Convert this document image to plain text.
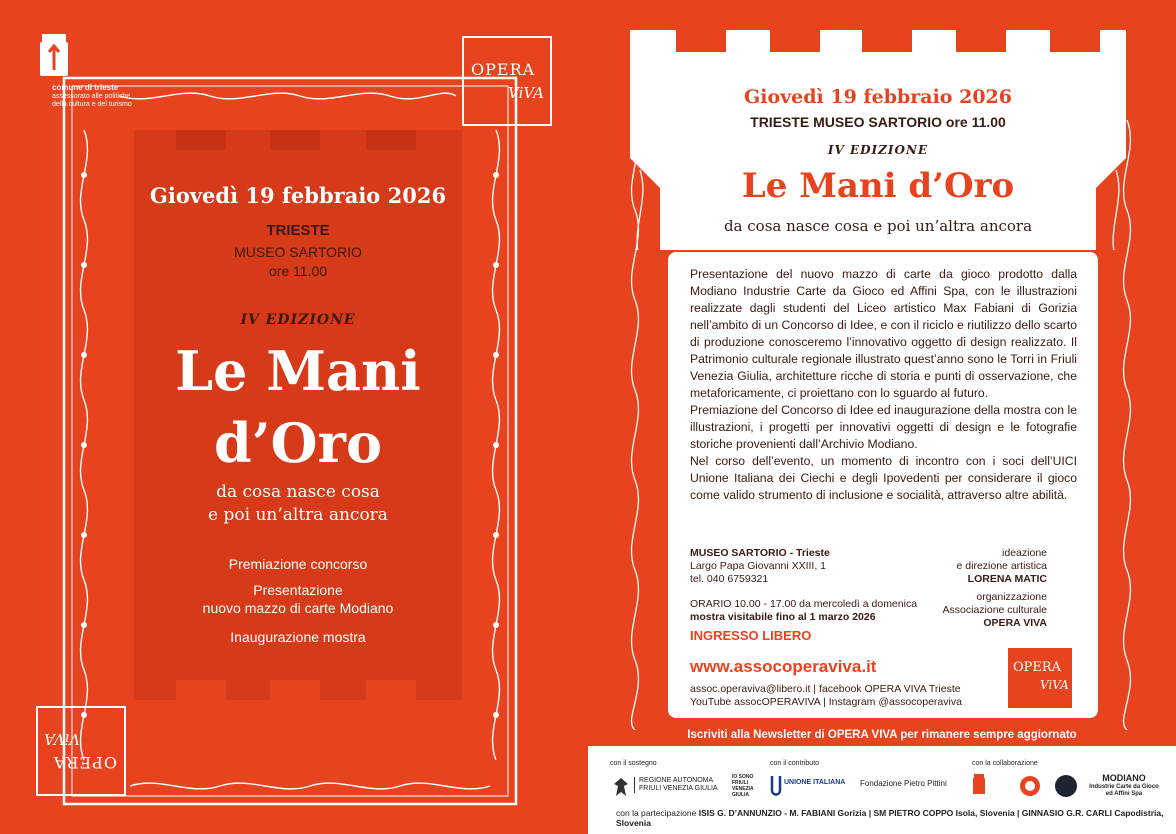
comune di trieste
assessorato alle politiche
della cultura e del turismo
OPERA
ViVA
OPERA
ViVA
Giovedì 19 febbraio 2026
TRIESTE
MUSEO SARTORIO
ore 11.00
IV EDIZIONE
Le Mani
d’Oro
da cosa nasce cosa
e poi un’altra ancora
Premiazione concorso
Presentazione
nuovo mazzo di carte Modiano
Inaugurazione mostra
Giovedì 19 febbraio 2026
TRIESTE MUSEO SARTORIO ore 11.00
IV EDIZIONE
Le Mani d’Oro
da cosa nasce cosa e poi un’altra ancora

Presentazione del nuovo mazzo di carte da gioco prodotto dalla Modiano Industrie Carte da Gioco ed Affini Spa, con le illustrazioni realizzate dagli studenti del Liceo artistico Max Fabiani di Gorizia nell’ambito di un Concorso di Idee, e con il riciclo e riutilizzo dello scarto di produzione conosceremo l’innovativo oggetto di design realizzato. Il Patrimonio culturale regionale illustrato quest’anno sono le Torri in Friuli Venezia Giulia, architetture ricche di storia e punti di osservazione, che metaforicamente, ci proiettano con lo sguardo al futuro.

Premiazione del Concorso di Idee ed inaugurazione della mostra con le illustrazioni, i progetti per innovativi oggetti di design e le fotografie storiche provenienti dall’Archivio Modiano.

Nel corso dell’evento, un momento di incontro con i soci dell’UICI Unione Italiana dei Ciechi e degli Ipovedenti per considerare il gioco come valido strumento di inclusione e socialità, attraverso altre abilità.

MUSEO SARTORIO - Trieste
Largo Papa Giovanni XXIII, 1
tel. 040 6759321
ORARIO 10.00 - 17.00 da mercoledì a domenica
mostra visitabile fino al 1 marzo 2026
INGRESSO LIBERO
ideazione
e direzione artistica
LORENA MATIC
organizzazione
Associazione culturale
OPERA VIVA
www.assocoperaviva.it
assoc.operaviva@libero.it | facebook OPERA VIVA Trieste
YouTube assocOPERAVIVA | Instagram @assocoperaviva
OPERA
ViVA
Iscriviti alla Newsletter di OPERA VIVA per rimanere sempre aggiornato
con il sostegno	con il contributo	con la collaborazione
REGIONE AUTONOMA
FRIULI VENEZIA GIULIA
IO SONO FRIULI VENEZIA GIULIA
UNIONE ITALIANA Fondazione Pietro Pittini
MODIANO
Industrie Carte da Gioco
ed Affini Spa
con la partecipazione ISIS G. D’ANNUNZIO - M. FABIANI Gorizia | SM PIETRO COPPO Isola, Slovenia | GINNASIO G.R. CARLI Capodistria, Slovenia
